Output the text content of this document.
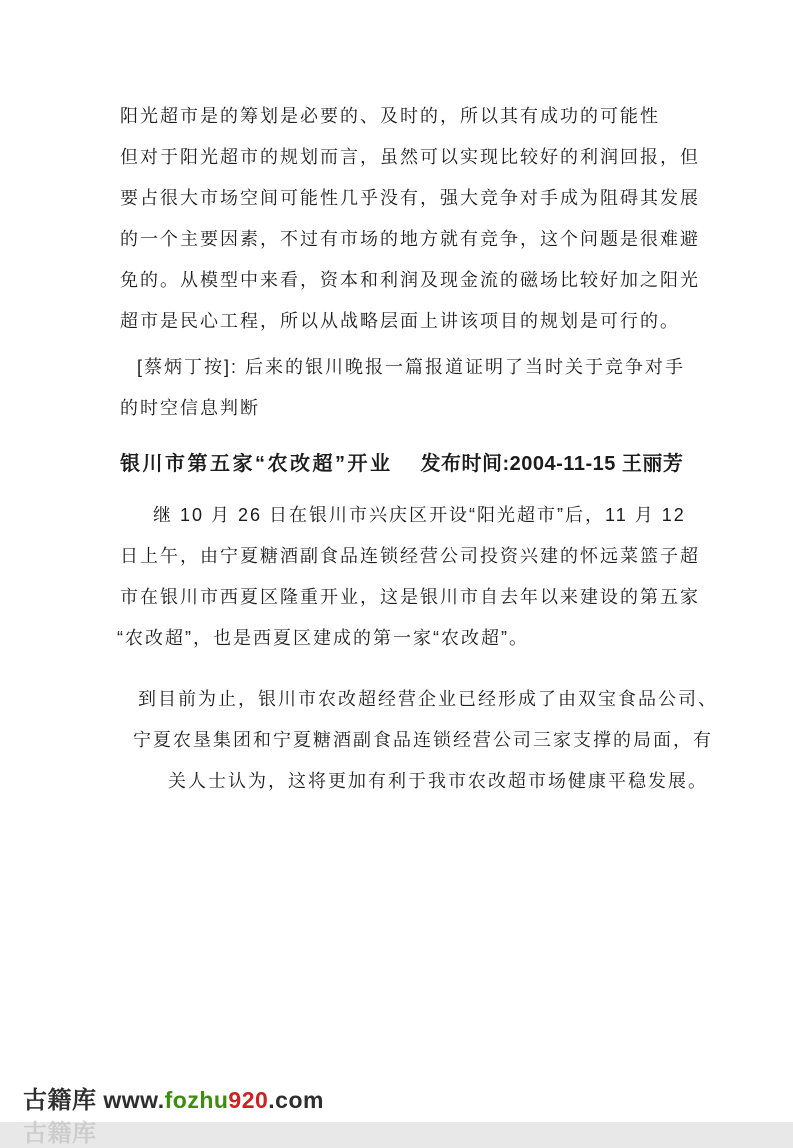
阳光超市是的筹划是必要的、及时的，所以其有成功的可能性
但对于阳光超市的规划而言，虽然可以实现比较好的利润回报，但
要占很大市场空间可能性几乎没有，强大竞争对手成为阻碍其发展
的一个主要因素，不过有市场的地方就有竞争，这个问题是很难避
免的。从模型中来看，资本和利润及现金流的磁场比较好加之阳光
超市是民心工程，所以从战略层面上讲该项目的规划是可行的。
[蔡炳丁按]: 后来的银川晚报一篇报道证明了当时关于竞争对手
的时空信息判断
银川市第五家“农改超”开业 发布时间:2004-11-15 王丽芳
继 10 月 26 日在银川市兴庆区开设“阳光超市”后，11 月 12
日上午，由宁夏糖酒副食品连锁经营公司投资兴建的怀远菜篮子超
市在银川市西夏区隆重开业，这是银川市自去年以来建设的第五家
“农改超”，也是西夏区建成的第一家“农改超”。
到目前为止，银川市农改超经营企业已经形成了由双宝食品公司、
宁夏农垦集团和宁夏糖酒副食品连锁经营公司三家支撑的局面，有
关人士认为，这将更加有利于我市农改超市场健康平稳发展。
古籍库 www.fozhu920.com
古籍库
